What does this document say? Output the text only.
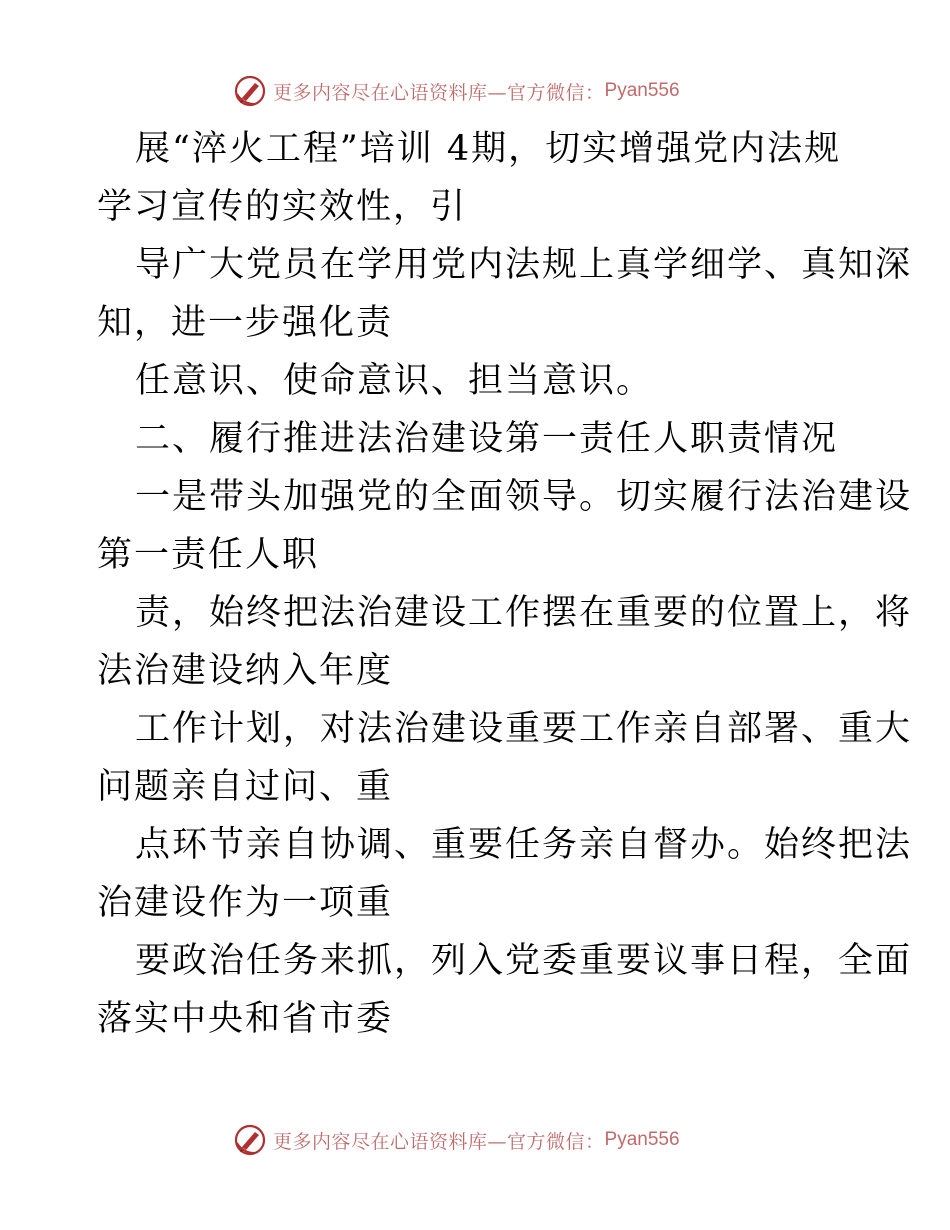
更多内容尽在心语资料库—官方微信： Pyan556
展“淬火工程”培训 4期，切实增强党内法规
学习宣传的实效性，引
导广大党员在学用党内法规上真学细学、真知深
知，进一步强化责
任意识、使命意识、担当意识。
二、履行推进法治建设第一责任人职责情况
一是带头加强党的全面领导。切实履行法治建设
第一责任人职
责，始终把法治建设工作摆在重要的位置上，将
法治建设纳入年度
工作计划，对法治建设重要工作亲自部署、重大
问题亲自过问、重
点环节亲自协调、重要任务亲自督办。始终把法
治建设作为一项重
要政治任务来抓，列入党委重要议事日程，全面
落实中央和省市委
更多内容尽在心语资料库—官方微信： Pyan556
